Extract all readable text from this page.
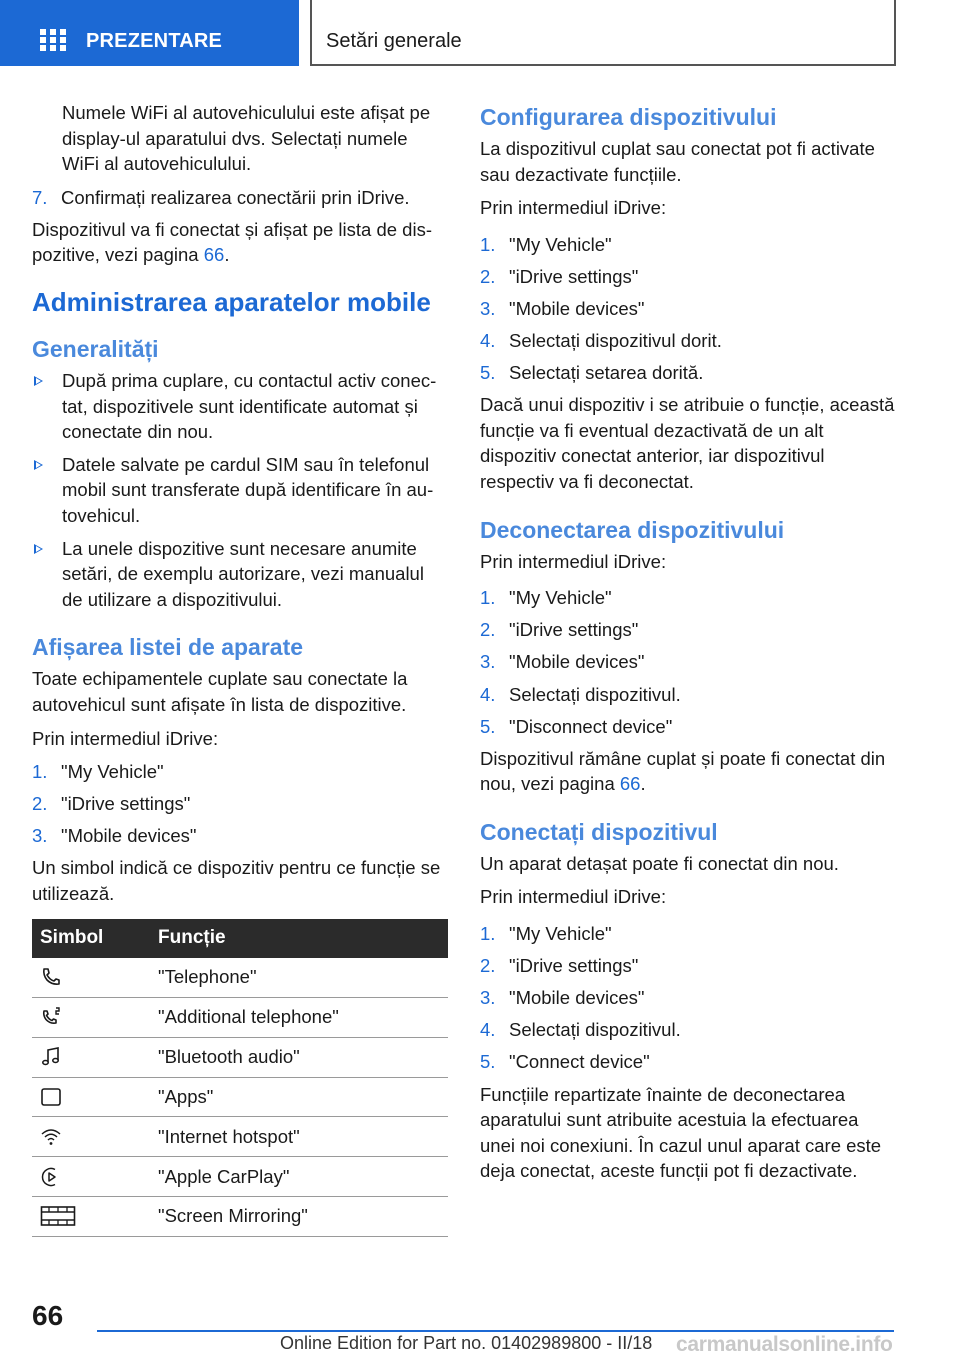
PREZENTARE	Setări generale

Numele WiFi al autovehiculului este afișat pe display-ul aparatului dvs. Selectați numele WiFi al autovehiculului.

7. Confirmați realizarea conectării prin iDrive.

Dispozitivul va fi conectat și afișat pe lista de dis-pozitive, vezi pagina 66.

Administrarea aparatelor mobile
Generalități
După prima cuplare, cu contactul activ conec-tat, dispozitivele sunt identificate automat și conectate din nou.
Datele salvate pe cardul SIM sau în telefonul mobil sunt transferate după identificare în au-tovehicul.
La unele dispozitive sunt necesare anumite setări, de exemplu autorizare, vezi manualul de utilizare a dispozitivului.
Afișarea listei de aparate

Toate echipamentele cuplate sau conectate la autovehicul sunt afișate în lista de dispozitive.

Prin intermediul iDrive:

1. "My Vehicle"
2. "iDrive settings"
3. "Mobile devices"

Un simbol indică ce dispozitiv pentru ce funcție se utilizează.

Simbol	Funcție

	"Telephone"

	"Additional telephone"

	"Bluetooth audio"

	"Apps"

	"Internet hotspot"

	"Apple CarPlay"

	"Screen Mirroring"
Configurarea dispozitivului

La dispozitivul cuplat sau conectat pot fi activate sau dezactivate funcțiile.

Prin intermediul iDrive:

1. "My Vehicle"
2. "iDrive settings"
3. "Mobile devices"
4. Selectați dispozitivul dorit.
5. Selectați setarea dorită.

Dacă unui dispozitiv i se atribuie o funcție, această funcție va fi eventual dezactivată de un alt dispozitiv conectat anterior, iar dispozitivul respectiv va fi deconectat.

Deconectarea dispozitivului

Prin intermediul iDrive:

1. "My Vehicle"
2. "iDrive settings"
3. "Mobile devices"
4. Selectați dispozitivul.
5. "Disconnect device"

Dispozitivul rămâne cuplat și poate fi conectat din nou, vezi pagina 66.

Conectați dispozitivul

Un aparat detașat poate fi conectat din nou.

Prin intermediul iDrive:

1. "My Vehicle"
2. "iDrive settings"
3. "Mobile devices"
4. Selectați dispozitivul.
5. "Connect device"

Funcțiile repartizate înainte de deconectarea aparatului sunt atribuite acestuia la efectuarea unei noi conexiuni. În cazul unul aparat care este deja conectat, aceste funcții pot fi dezactivate.

66
Online Edition for Part no. 01402989800 - II/18 carmanualsonline.info
